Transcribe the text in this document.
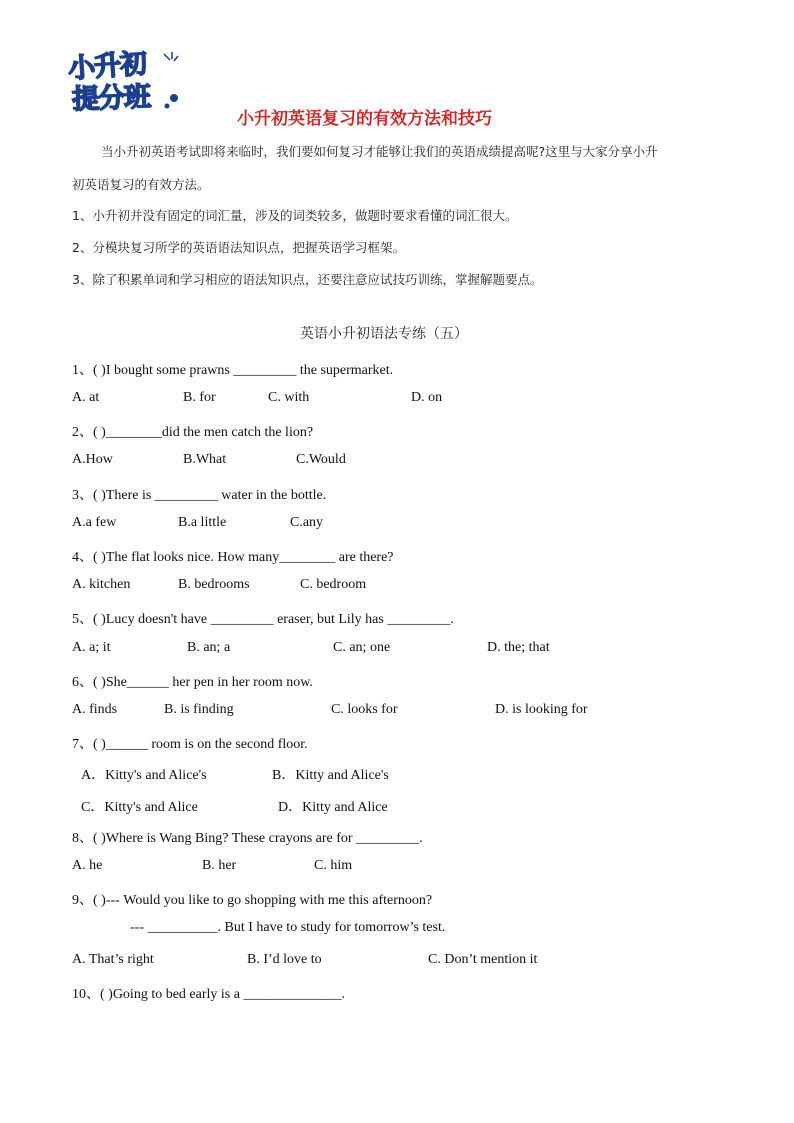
小升初
提分班
小升初英语复习的有效方法和技巧
当小升初英语考试即将来临时，我们要如何复习才能够让我们的英语成绩提高呢?这里与大家分享小升
初英语复习的有效方法。
1、小升初并没有固定的词汇量，涉及的词类较多，做题时要求看懂的词汇很大。
2、分模块复习所学的英语语法知识点，把握英语学习框架。
3、除了积累单词和学习相应的语法知识点，还要注意应试技巧训练，掌握解题要点。
英语小升初语法专练（五）
1、( )I bought some prawns _________ the supermarket.
A. at	B. for	C. with	D. on
2、( )________did the men catch the lion?
A.How	B.What	C.Would
3、( )There is _________ water in the bottle.
A.a few	B.a little	C.any
4、( )The flat looks nice. How many________ are there?
A. kitchen	B. bedrooms	C. bedroom
5、( )Lucy doesn't have _________ eraser, but Lily has _________.
A. a; it	B. an; a	C. an; one	D. the; that
6、( )She______ her pen in her room now.
A. finds	B. is finding	C. looks for	D. is looking for
7、( )______ room is on the second floor.
A．Kitty's and Alice's	B．Kitty and Alice's
C．Kitty's and Alice	D．Kitty and Alice
8、( )Where is Wang Bing? These crayons are for _________.
A. he	B. her	C. him
9、( )--- Would you like to go shopping with me this afternoon?
--- __________. But I have to study for tomorrow’s test.
A. That’s right	B. I’d love to	C. Don’t mention it
10、( )Going to bed early is a ______________.
